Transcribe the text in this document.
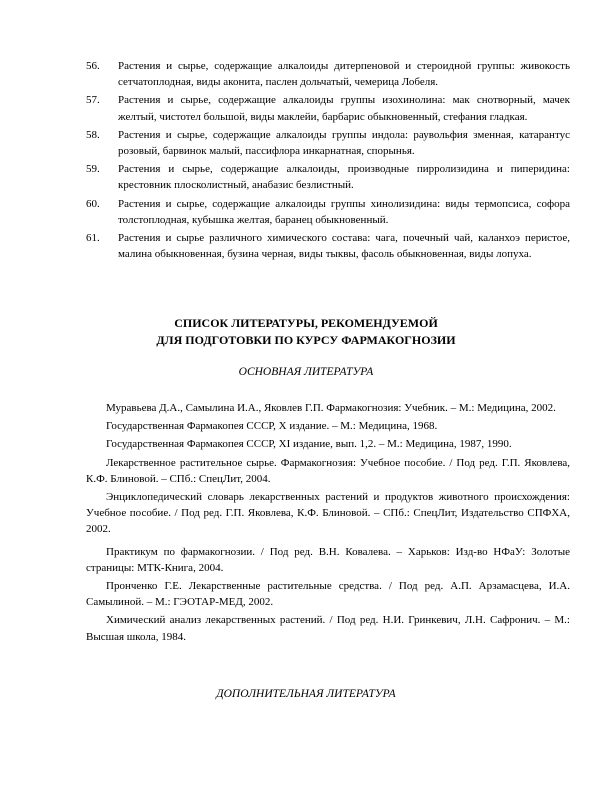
56. Растения и сырье, содержащие алкалоиды дитерпеновой и стероидной группы: живокость сетчатоплодная, виды аконита, паслен дольчатый, чемерица Лобеля.
57. Растения и сырье, содержащие алкалоиды группы изохинолина: мак снотворный, мачек желтый, чистотел большой, виды маклейи, барбарис обыкновенный, стефания гладкая.
58. Растения и сырье, содержащие алкалоиды группы индола: раувольфия зменная, катарантус розовый, барвинок малый, пассифлора инкарнатная, спорынья.
59. Растения и сырье, содержащие алкалоиды, производные пирролизидина и пиперидина: крестовник плосколистный, анабазис безлистный.
60. Растения и сырье, содержащие алкалоиды группы хинолизидина: виды термопсиса, софора толстоплодная, кубышка желтая, баранец обыкновенный.
61. Растения и сырье различного химического состава: чага, почечный чай, каланхоэ перистое, малина обыкновенная, бузина черная, виды тыквы, фасоль обыкновенная, виды лопуха.
СПИСОК ЛИТЕРАТУРЫ, РЕКОМЕНДУЕМОЙ
ДЛЯ ПОДГОТОВКИ ПО КУРСУ ФАРМАКОГНОЗИИ
ОСНОВНАЯ ЛИТЕРАТУРА

Муравьева Д.А., Самылина И.А., Яковлев Г.П. Фармакогнозия: Учебник. – М.: Медицина, 2002.

Государственная Фармакопея СССР, X издание. – М.: Медицина, 1968.

Государственная Фармакопея СССР, XI издание, вып. 1,2. – М.: Медицина, 1987, 1990.

Лекарственное растительное сырье. Фармакогнозия: Учебное пособие. / Под ред. Г.П. Яковлева, К.Ф. Блиновой. – СПб.: СпецЛит, 2004.

Энциклопедический словарь лекарственных растений и продуктов животного происхождения: Учебное пособие. / Под ред. Г.П. Яковлева, К.Ф. Блиновой. – СПб.: СпецЛит, Издательство СПФХА, 2002.

Практикум по фармакогнозии. / Под ред. В.Н. Ковалева. – Харьков: Изд-во НФаУ: Золотые страницы: МТК-Книга, 2004.

Пронченко Г.Е. Лекарственные растительные средства. / Под ред. А.П. Арзамасцева, И.А. Самылиной. – М.: ГЭОТАР-МЕД, 2002.

Химический анализ лекарственных растений. / Под ред. Н.И. Гринкевич, Л.Н. Сафронич. – М.: Высшая школа, 1984.

ДОПОЛНИТЕЛЬНАЯ ЛИТЕРАТУРА
